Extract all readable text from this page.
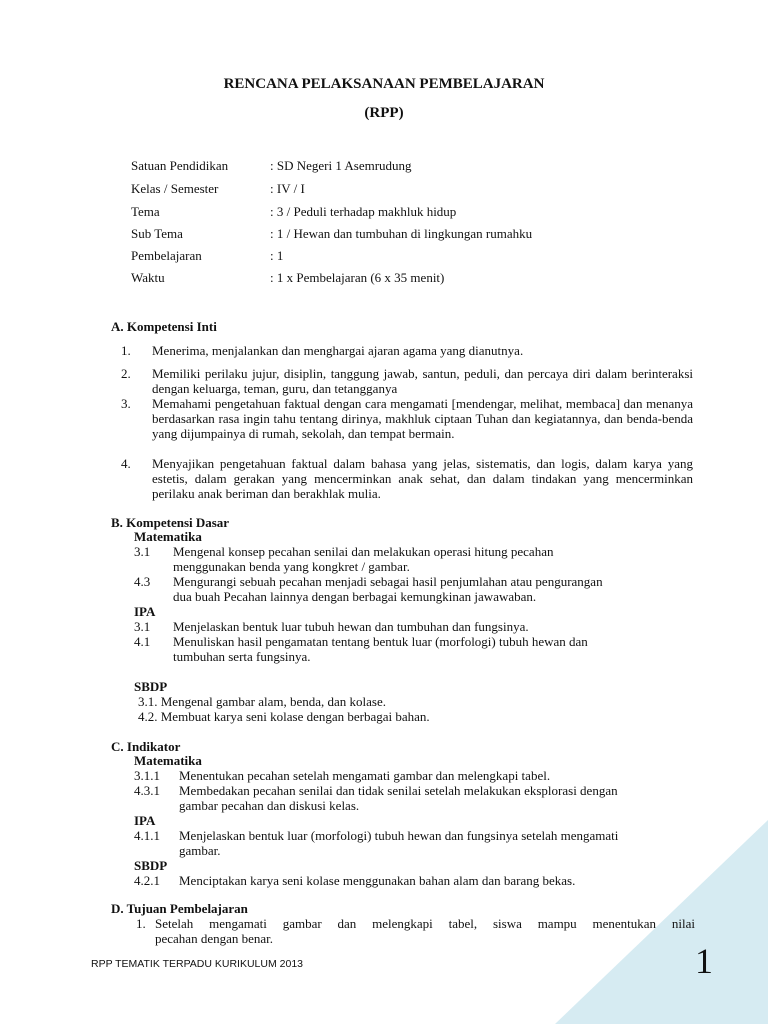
RENCANA PELAKSANAAN PEMBELAJARAN
(RPP)
Satuan Pendidikan	: SD Negeri 1 Asemrudung
Kelas / Semester	: IV / I
Tema	: 3 / Peduli terhadap makhluk hidup
Sub Tema	: 1 / Hewan dan tumbuhan di lingkungan rumahku
Pembelajaran	: 1
Waktu	: 1 x Pembelajaran (6 x 35 menit)
A. Kompetensi Inti
1. Menerima, menjalankan dan menghargai ajaran agama yang dianutnya.
2. Memiliki perilaku jujur, disiplin, tanggung jawab, santun, peduli, dan percaya diri dalam berinteraksi dengan keluarga, teman, guru, dan tetangganya
3. Memahami pengetahuan faktual dengan cara mengamati [mendengar, melihat, membaca] dan menanya berdasarkan rasa ingin tahu tentang dirinya, makhluk ciptaan Tuhan dan kegiatannya, dan benda-benda yang dijumpainya di rumah, sekolah, dan tempat bermain.
4. Menyajikan pengetahuan faktual dalam bahasa yang jelas, sistematis, dan logis, dalam karya yang estetis, dalam gerakan yang mencerminkan anak sehat, dan dalam tindakan yang mencerminkan perilaku anak beriman dan berakhlak mulia.
B. Kompetensi Dasar
Matematika
3.1 Mengenal konsep pecahan senilai dan melakukan operasi hitung pecahan
menggunakan benda yang kongkret / gambar.
4.3 Mengurangi sebuah pecahan menjadi sebagai hasil penjumlahan atau pengurangan
dua buah Pecahan lainnya dengan berbagai kemungkinan jawawaban.
IPA
3.1 Menjelaskan bentuk luar tubuh hewan dan tumbuhan dan fungsinya.
4.1 Menuliskan hasil pengamatan tentang bentuk luar (morfologi) tubuh hewan dan
tumbuhan serta fungsinya.
SBDP
3.1. Mengenal gambar alam, benda, dan kolase.
4.2. Membuat karya seni kolase dengan berbagai bahan.
C. Indikator
Matematika
3.1.1 Menentukan pecahan setelah mengamati gambar dan melengkapi tabel.
4.3.1 Membedakan pecahan senilai dan tidak senilai setelah melakukan eksplorasi dengan
gambar pecahan dan diskusi kelas.
IPA
4.1.1 Menjelaskan bentuk luar (morfologi) tubuh hewan dan fungsinya setelah mengamati
gambar.
SBDP
4.2.1 Menciptakan karya seni kolase menggunakan bahan alam dan barang bekas.
D. Tujuan Pembelajaran
1. Setelah mengamati gambar dan melengkapi tabel, siswa mampu menentukan nilai
pecahan dengan benar.
RPP TEMATIK TERPADU KURIKULUM 2013	1
